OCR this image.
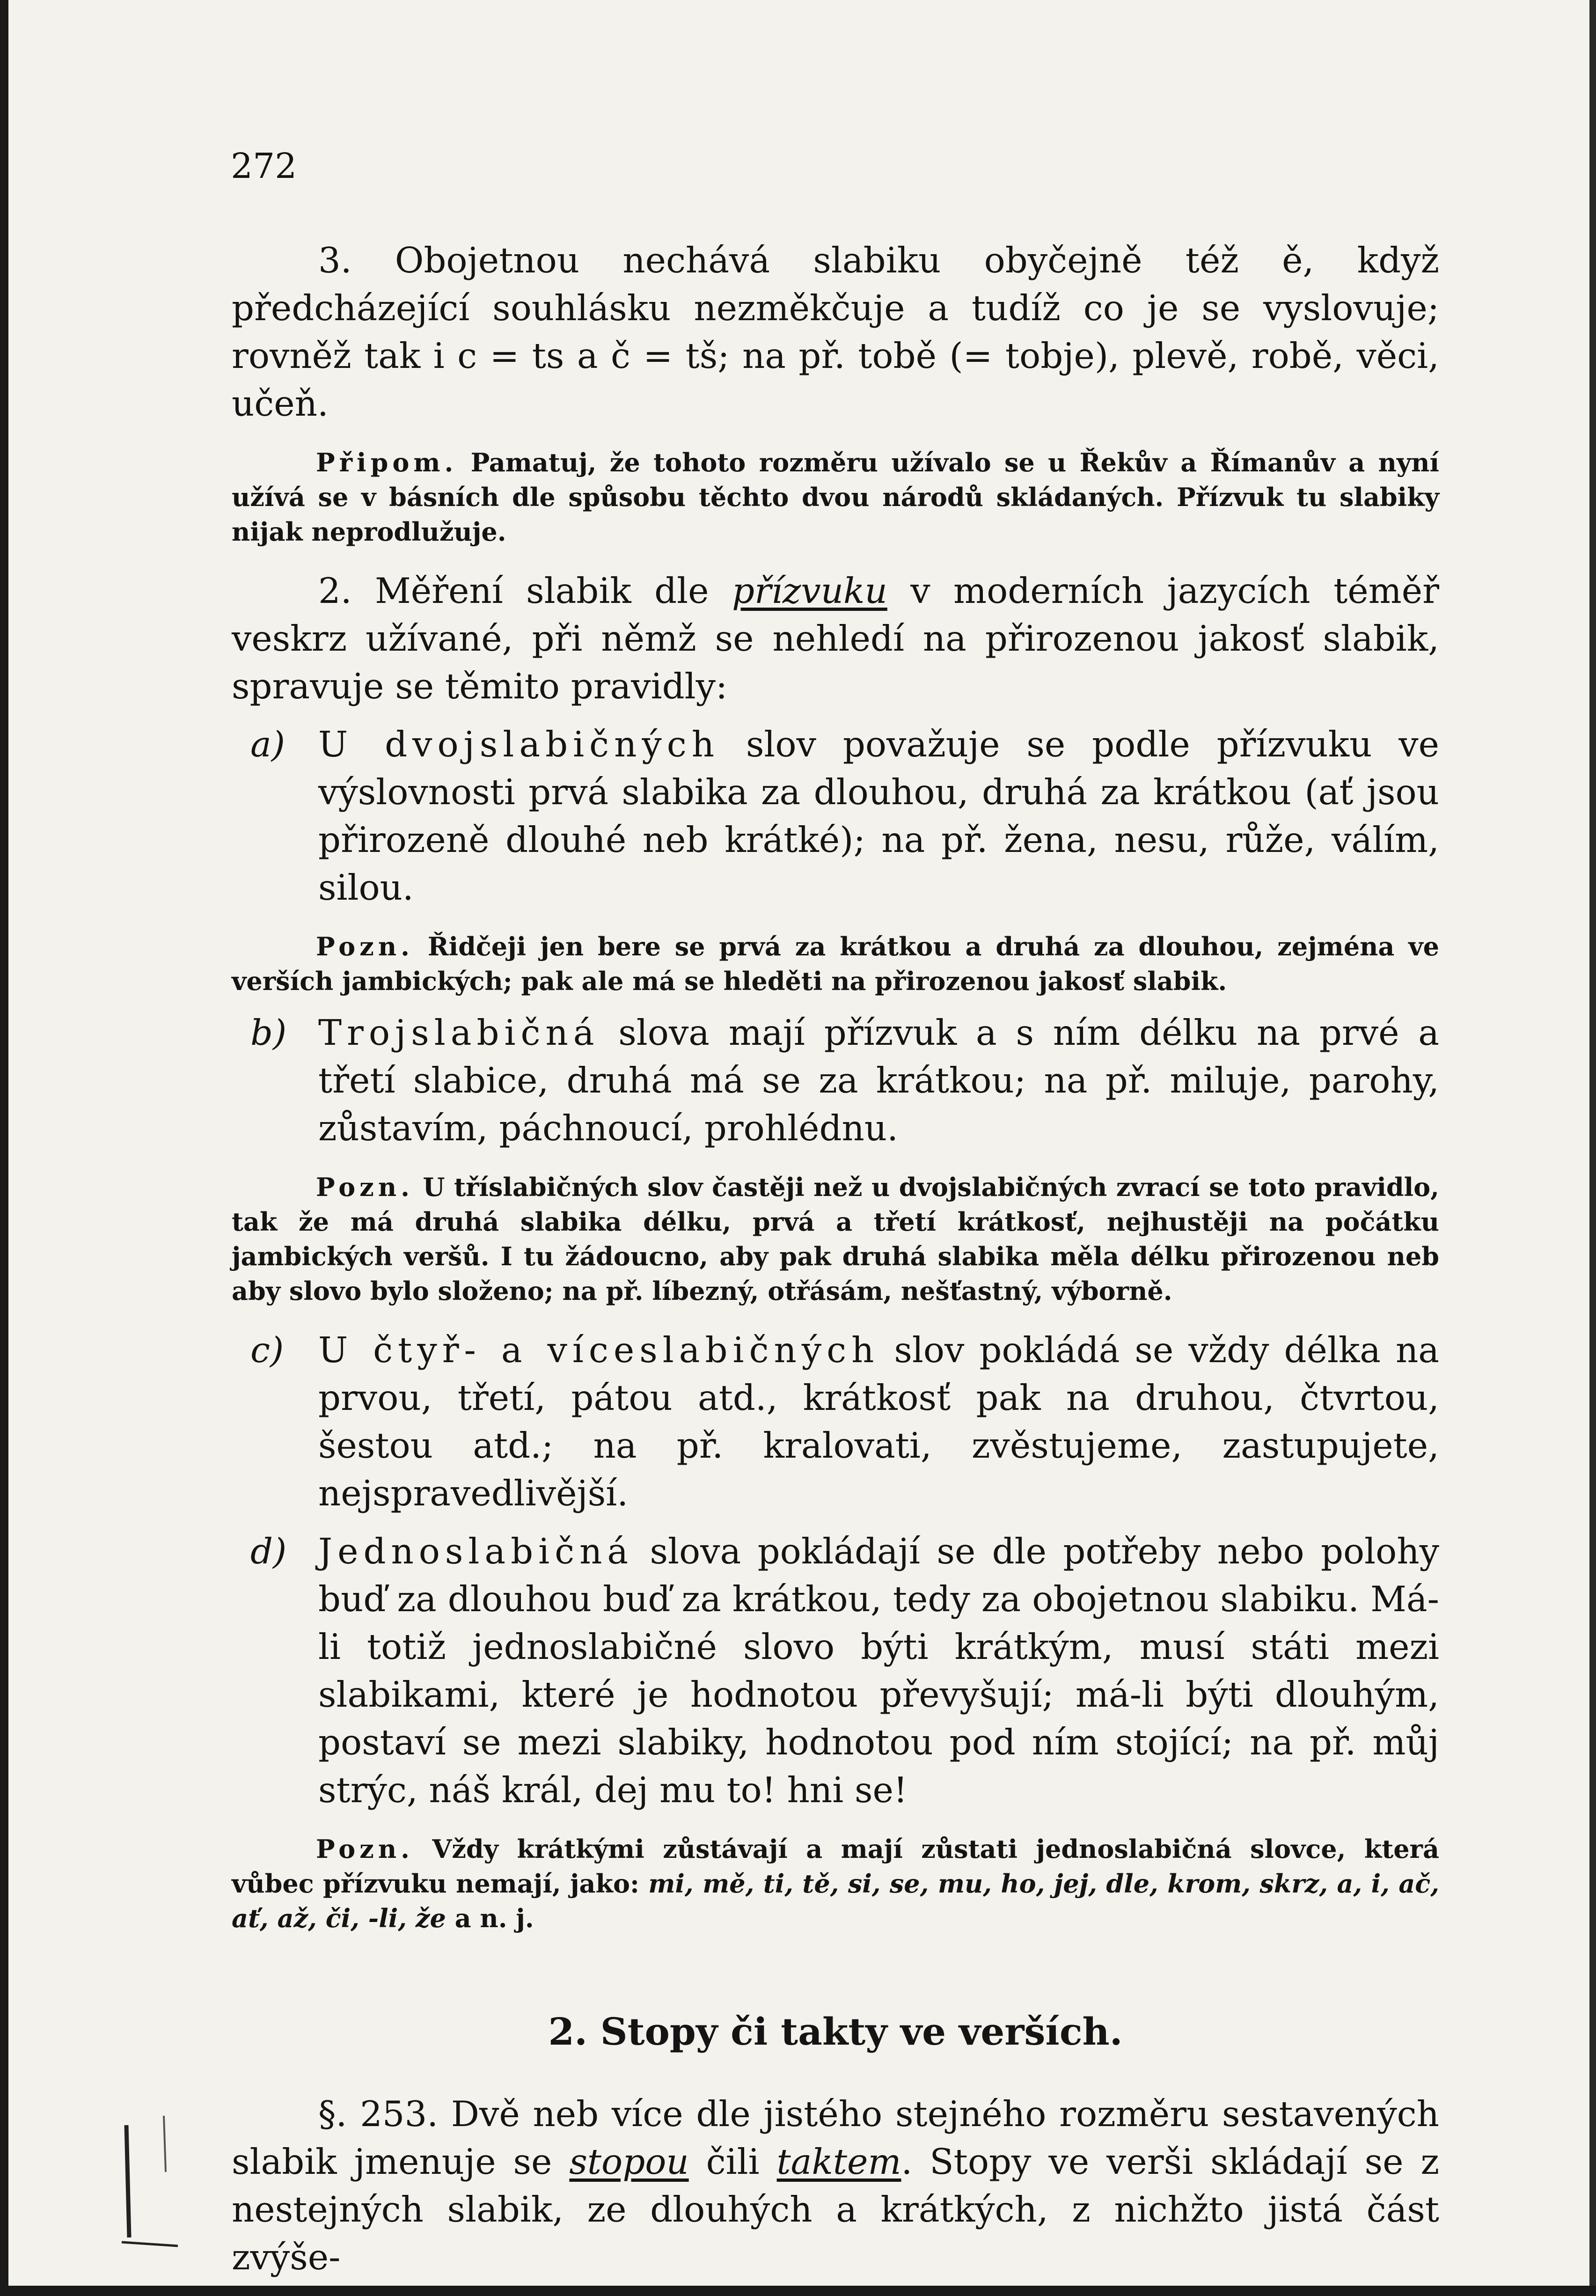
272

3. Obojetnou nechává slabiku obyčejně též ě, když předcházející souhlásku nezměkčuje a tudíž co je se vyslovuje; rovněž tak i c = ts a č = tš; na př. tobě (= tobje), plevě, robě, věci, učeň.

Připom. Pamatuj, že tohoto rozměru užívalo se u Řekův a Římanův a nyní užívá se v básních dle spůsobu těchto dvou národů skládaných. Přízvuk tu slabiky nijak neprodlužuje.

2. Měření slabik dle přízvuku v moderních jazycích téměř veskrz užívané, při němž se nehledí na přirozenou jakosť slabik, spravuje se těmito pravidly:

a) U dvojslabičných slov považuje se podle přízvuku ve výslovnosti prvá slabika za dlouhou, druhá za krátkou (ať jsou přirozeně dlouhé neb krátké); na př. žena, nesu, růže, válím, silou.

Pozn. Řidčeji jen bere se prvá za krátkou a druhá za dlouhou, zejména ve verších jambických; pak ale má se hleděti na přirozenou jakosť slabik.

b) Trojslabičná slova mají přízvuk a s ním délku na prvé a třetí slabice, druhá má se za krátkou; na př. miluje, parohy, zůstavím, páchnoucí, prohlédnu.

Pozn. U tříslabičných slov častěji než u dvojslabičných zvrací se toto pravidlo, tak že má druhá slabika délku, prvá a třetí krátkosť, nejhustěji na počátku jambických veršů. I tu žádoucno, aby pak druhá slabika měla délku přirozenou neb aby slovo bylo složeno; na př. líbezný, otřásám, nešťastný, výborně.

c) U čtyř- a víceslabičných slov pokládá se vždy délka na prvou, třetí, pátou atd., krátkosť pak na druhou, čtvrtou, šestou atd.; na př. kralovati, zvěstujeme, zastupujete, nejspravedlivější.

d) Jednoslabičná slova pokládají se dle potřeby nebo polohy buď za dlouhou buď za krátkou, tedy za obojetnou slabiku. Má-li totiž jednoslabičné slovo býti krátkým, musí státi mezi slabikami, které je hodnotou převyšují; má-li býti dlouhým, postaví se mezi slabiky, hodnotou pod ním stojící; na př. můj strýc, náš král, dej mu to! hni se!

Pozn. Vždy krátkými zůstávají a mají zůstati jednoslabičná slovce, která vůbec přízvuku nemají, jako: mi, mě, ti, tě, si, se, mu, ho, jej, dle, krom, skrz, a, i, ač, ať, až, či, -li, že a n. j.

2. Stopy či takty ve verších.

§. 253. Dvě neb více dle jistého stejného rozměru sestavených slabik jmenuje se stopou čili taktem. Stopy ve verši skládají se z nestejných slabik, ze dlouhých a krátkých, z nichžto jistá část zvýše-
